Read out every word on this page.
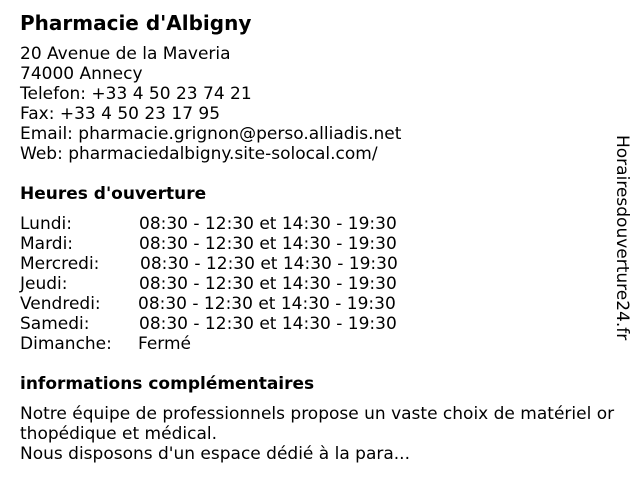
Pharmacie d'Albigny
20 Avenue de la Maveria
74000 Annecy
Telefon: +33 4 50 23 74 21
Fax: +33 4 50 23 17 95
Email: pharmacie.grignon@perso.alliadis.net
Web: pharmaciedalbigny.site-solocal.com/
Heures d'ouverture
Lundi:	08:30 - 12:30 et 14:30 - 19:30
Mardi:	08:30 - 12:30 et 14:30 - 19:30
Mercredi: 08:30 - 12:30 et 14:30 - 19:30
Jeudi:	08:30 - 12:30 et 14:30 - 19:30
Vendredi: 08:30 - 12:30 et 14:30 - 19:30
Samedi:	08:30 - 12:30 et 14:30 - 19:30
Dimanche: Fermé
informations complémentaires
Notre équipe de professionnels propose un vaste choix de matériel or
thopédique et médical.
Nous disposons d'un espace dédié à la para...
Horairesdouverture24.fr
